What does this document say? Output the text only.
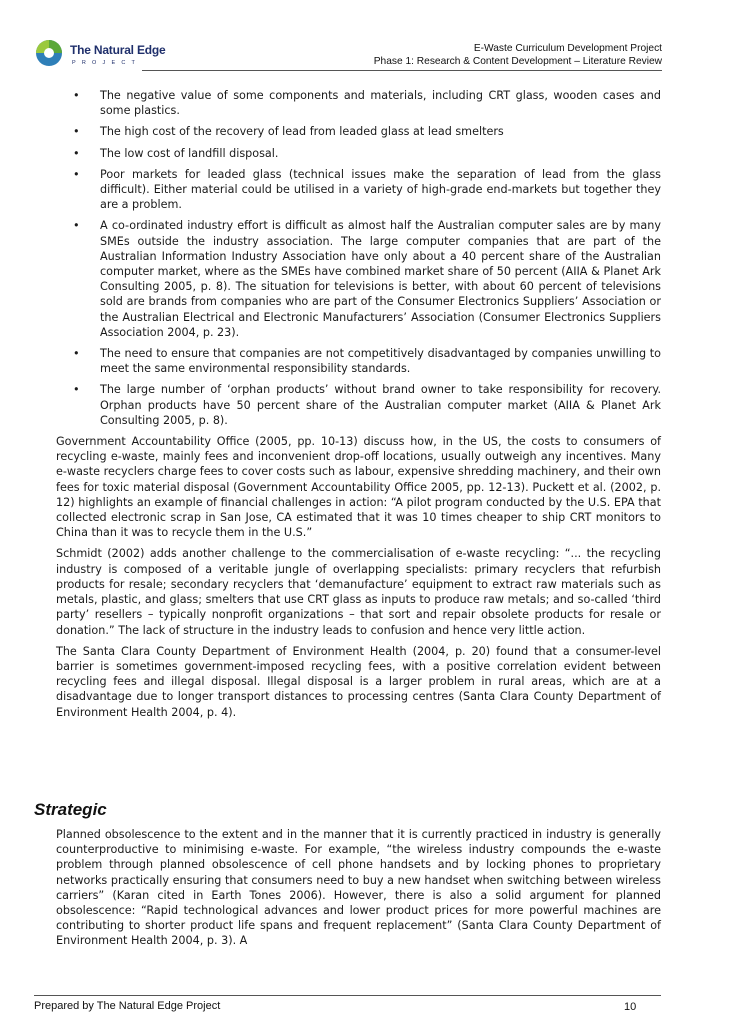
The Natural Edge
PROJECT
E-Waste Curriculum Development Project
Phase 1: Research & Content Development – Literature Review
• The negative value of some components and materials, including CRT glass, wooden cases and some plastics.
• The high cost of the recovery of lead from leaded glass at lead smelters
• The low cost of landfill disposal.
• Poor markets for leaded glass (technical issues make the separation of lead from the glass difficult). Either material could be utilised in a variety of high-grade end-markets but together they are a problem.
• A co-ordinated industry effort is difficult as almost half the Australian computer sales are by many SMEs outside the industry association. The large computer companies that are part of the Australian Information Industry Association have only about a 40 percent share of the Australian computer market, where as the SMEs have combined market share of 50 percent (AIIA & Planet Ark Consulting 2005, p. 8). The situation for televisions is better, with about 60 percent of televisions sold are brands from companies who are part of the Consumer Electronics Suppliers’ Association or the Australian Electrical and Electronic Manufacturers’ Association (Consumer Electronics Suppliers Association 2004, p. 23).
• The need to ensure that companies are not competitively disadvantaged by companies unwilling to meet the same environmental responsibility standards.
• The large number of ‘orphan products’ without brand owner to take responsibility for recovery. Orphan products have 50 percent share of the Australian computer market (AIIA & Planet Ark Consulting 2005, p. 8).

Government Accountability Office (2005, pp. 10-13) discuss how, in the US, the costs to consumers of recycling e-waste, mainly fees and inconvenient drop-off locations, usually outweigh any incentives. Many e-waste recyclers charge fees to cover costs such as labour, expensive shredding machinery, and their own fees for toxic material disposal (Government Accountability Office 2005, pp. 12-13). Puckett et al. (2002, p. 12) highlights an example of financial challenges in action: “A pilot program conducted by the U.S. EPA that collected electronic scrap in San Jose, CA estimated that it was 10 times cheaper to ship CRT monitors to China than it was to recycle them in the U.S.”

Schmidt (2002) adds another challenge to the commercialisation of e-waste recycling: “... the recycling industry is composed of a veritable jungle of overlapping specialists: primary recyclers that refurbish products for resale; secondary recyclers that ‘demanufacture’ equipment to extract raw materials such as metals, plastic, and glass; smelters that use CRT glass as inputs to produce raw metals; and so-called ‘third party’ resellers – typically nonprofit organizations – that sort and repair obsolete products for resale or donation.” The lack of structure in the industry leads to confusion and hence very little action.

The Santa Clara County Department of Environment Health (2004, p. 20) found that a consumer-level barrier is sometimes government-imposed recycling fees, with a positive correlation evident between recycling fees and illegal disposal. Illegal disposal is a larger problem in rural areas, which are at a disadvantage due to longer transport distances to processing centres (Santa Clara County Department of Environment Health 2004, p. 4).

Strategic

Planned obsolescence to the extent and in the manner that it is currently practiced in industry is generally counterproductive to minimising e-waste. For example, “the wireless industry compounds the e-waste problem through planned obsolescence of cell phone handsets and by locking phones to proprietary networks practically ensuring that consumers need to buy a new handset when switching between wireless carriers” (Karan cited in Earth Tones 2006). However, there is also a solid argument for planned obsolescence: “Rapid technological advances and lower product prices for more powerful machines are contributing to shorter product life spans and frequent replacement” (Santa Clara County Department of Environment Health 2004, p. 3). A

Prepared by The Natural Edge Project	10
